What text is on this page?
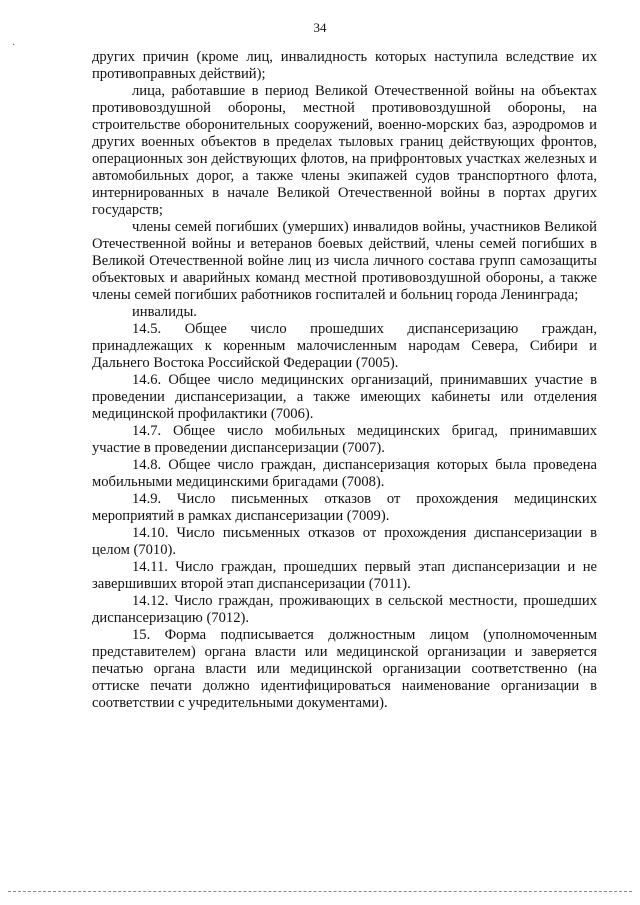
34
·

других причин (кроме лиц, инвалидность которых наступила вследствие их противоправных действий);

лица, работавшие в период Великой Отечественной войны на объектах противовоздушной обороны, местной противовоздушной обороны, на строительстве оборонительных сооружений, военно-морских баз, аэродромов и других военных объектов в пределах тыловых границ действующих фронтов, операционных зон действующих флотов, на прифронтовых участках железных и автомобильных дорог, а также члены экипажей судов транспортного флота, интернированных в начале Великой Отечественной войны в портах других государств;

члены семей погибших (умерших) инвалидов войны, участников Великой Отечественной войны и ветеранов боевых действий, члены семей погибших в Великой Отечественной войне лиц из числа личного состава групп самозащиты объектовых и аварийных команд местной противовоздушной обороны, а также члены семей погибших работников госпиталей и больниц города Ленинграда;

инвалиды.

14.5. Общее число прошедших диспансеризацию граждан, принадлежащих к коренным малочисленным народам Севера, Сибири и Дальнего Востока Российской Федерации (7005).

14.6. Общее число медицинских организаций, принимавших участие в проведении диспансеризации, а также имеющих кабинеты или отделения медицинской профилактики (7006).

14.7. Общее число мобильных медицинских бригад, принимавших участие в проведении диспансеризации (7007).

14.8. Общее число граждан, диспансеризация которых была проведена мобильными медицинскими бригадами (7008).

14.9. Число письменных отказов от прохождения медицинских мероприятий в рамках диспансеризации (7009).

14.10. Число письменных отказов от прохождения диспансеризации в целом (7010).

14.11. Число граждан, прошедших первый этап диспансеризации и не завершивших второй этап диспансеризации (7011).

14.12. Число граждан, проживающих в сельской местности, прошедших диспансеризацию (7012).

15. Форма подписывается должностным лицом (уполномоченным представителем) органа власти или медицинской организации и заверяется печатью органа власти или медицинской организации соответственно (на оттиске печати должно идентифицироваться наименование организации в соответствии с учредительными документами).
